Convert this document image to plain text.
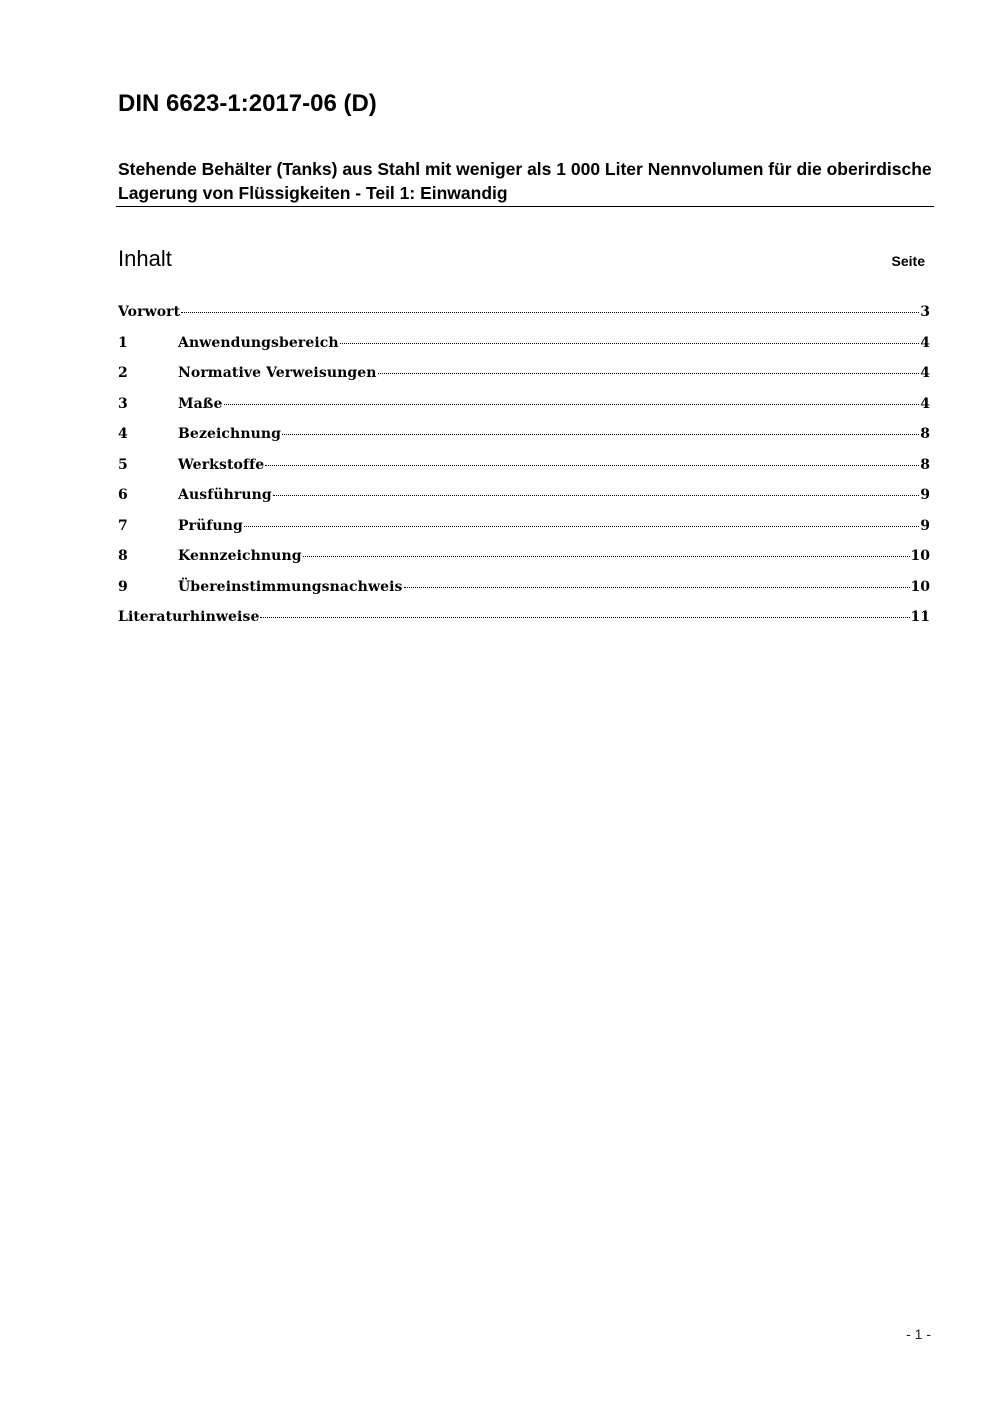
DIN 6623-1:2017-06 (D)
Stehende Behälter (Tanks) aus Stahl mit weniger als 1 000 Liter Nennvolumen für die oberirdische Lagerung von Flüssigkeiten - Teil 1: Einwandig
Inhalt	Seite
Vorwort	3
1	Anwendungsbereich	4
2	Normative Verweisungen	4
3	Maße	4
4	Bezeichnung	8
5	Werkstoffe	8
6	Ausführung	9
7	Prüfung	9
8	Kennzeichnung	10
9	Übereinstimmungsnachweis	10
Literaturhinweise	11
- 1 -
